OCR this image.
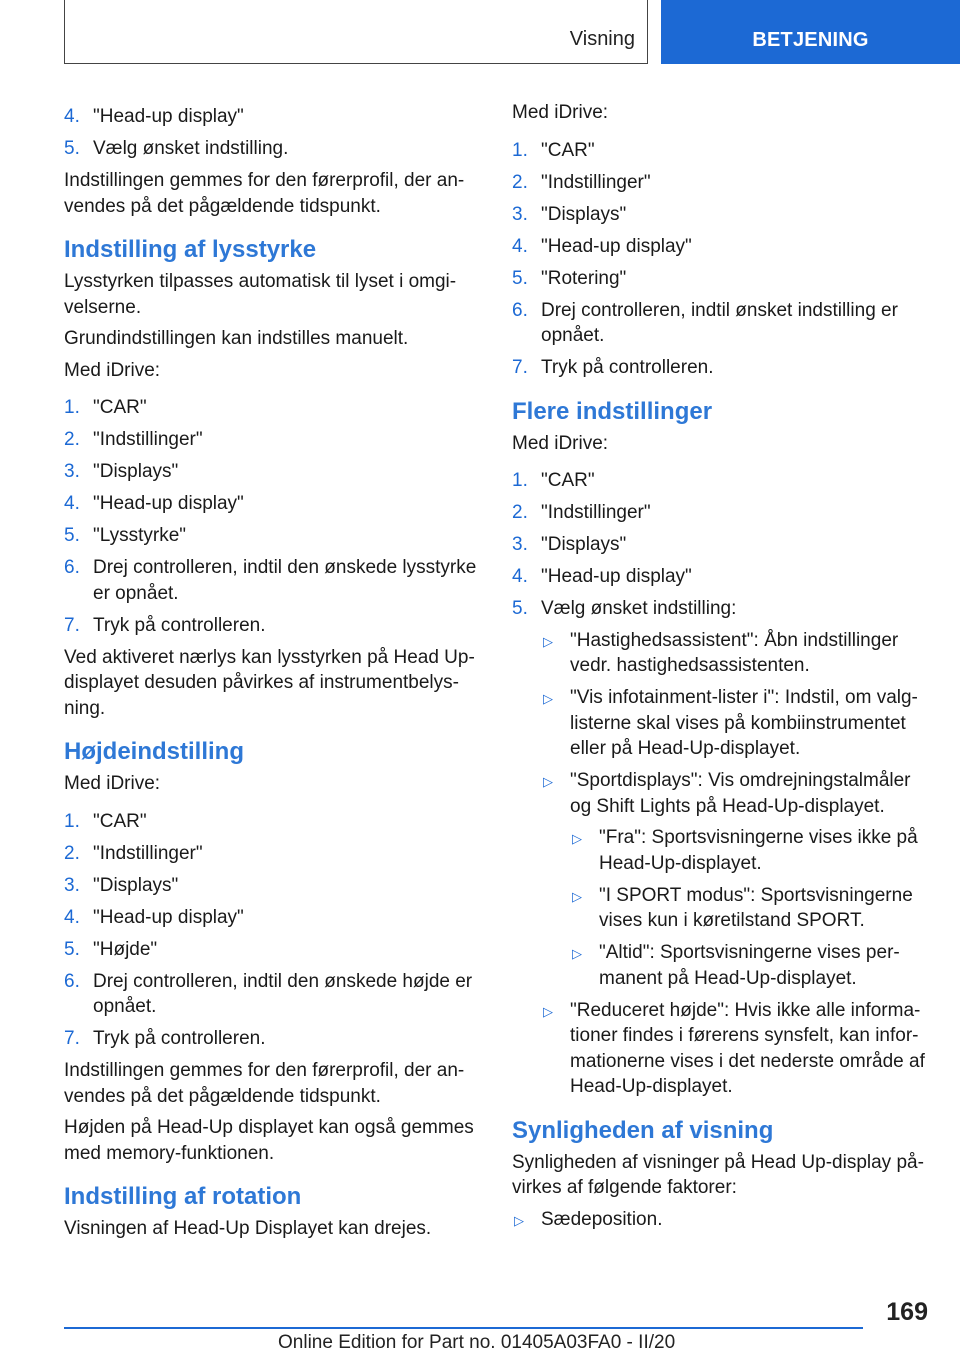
Visning	BETJENING
4. "Head-up display"
5. Vælg ønsket indstilling.

Indstillingen gemmes for den førerprofil, der an-vendes på det pågældende tidspunkt.

Indstilling af lysstyrke

Lysstyrken tilpasses automatisk til lyset i omgi-velserne.

Grundindstillingen kan indstilles manuelt.

Med iDrive:

1. "CAR"
2. "Indstillinger"
3. "Displays"
4. "Head-up display"
5. "Lysstyrke"
6. Drej controlleren, indtil den ønskede lysstyrke er opnået.
7. Tryk på controlleren.

Ved aktiveret nærlys kan lysstyrken på Head Up-displayet desuden påvirkes af instrumentbelys-ning.

Højdeindstilling

Med iDrive:

1. "CAR"
2. "Indstillinger"
3. "Displays"
4. "Head-up display"
5. "Højde"
6. Drej controlleren, indtil den ønskede højde er opnået.
7. Tryk på controlleren.

Indstillingen gemmes for den førerprofil, der an-vendes på det pågældende tidspunkt.

Højden på Head-Up displayet kan også gemmes med memory-funktionen.

Indstilling af rotation

Visningen af Head-Up Displayet kan drejes.

Med iDrive:

1. "CAR"
2. "Indstillinger"
3. "Displays"
4. "Head-up display"
5. "Rotering"
6. Drej controlleren, indtil ønsket indstilling er opnået.
7. Tryk på controlleren.
Flere indstillinger

Med iDrive:

1. "CAR"
2. "Indstillinger"
3. "Displays"
4. "Head-up display"
5. Vælg ønsket indstilling:
▷ "Hastighedsassistent": Åbn indstillinger vedr. hastighedsassistenten.
▷ "Vis infotainment-lister i": Indstil, om valg-listerne skal vises på kombiinstrumentet eller på Head-Up-displayet.
▷ "Sportdisplays": Vis omdrejningstalmåler og Shift Lights på Head-Up-displayet.
▷ "Fra": Sportsvisningerne vises ikke på Head-Up-displayet.
▷ "I SPORT modus": Sportsvisningerne vises kun i køretilstand SPORT.
▷ "Altid": Sportsvisningerne vises per-manent på Head-Up-displayet.
▷ "Reduceret højde": Hvis ikke alle informa-tioner findes i førerens synsfelt, kan infor-mationerne vises i det nederste område af Head-Up-displayet.
Synligheden af visning

Synligheden af visninger på Head Up-display på-virkes af følgende faktorer:

▷ Sædeposition.
169
Online Edition for Part no. 01405A03FA0 - II/20
